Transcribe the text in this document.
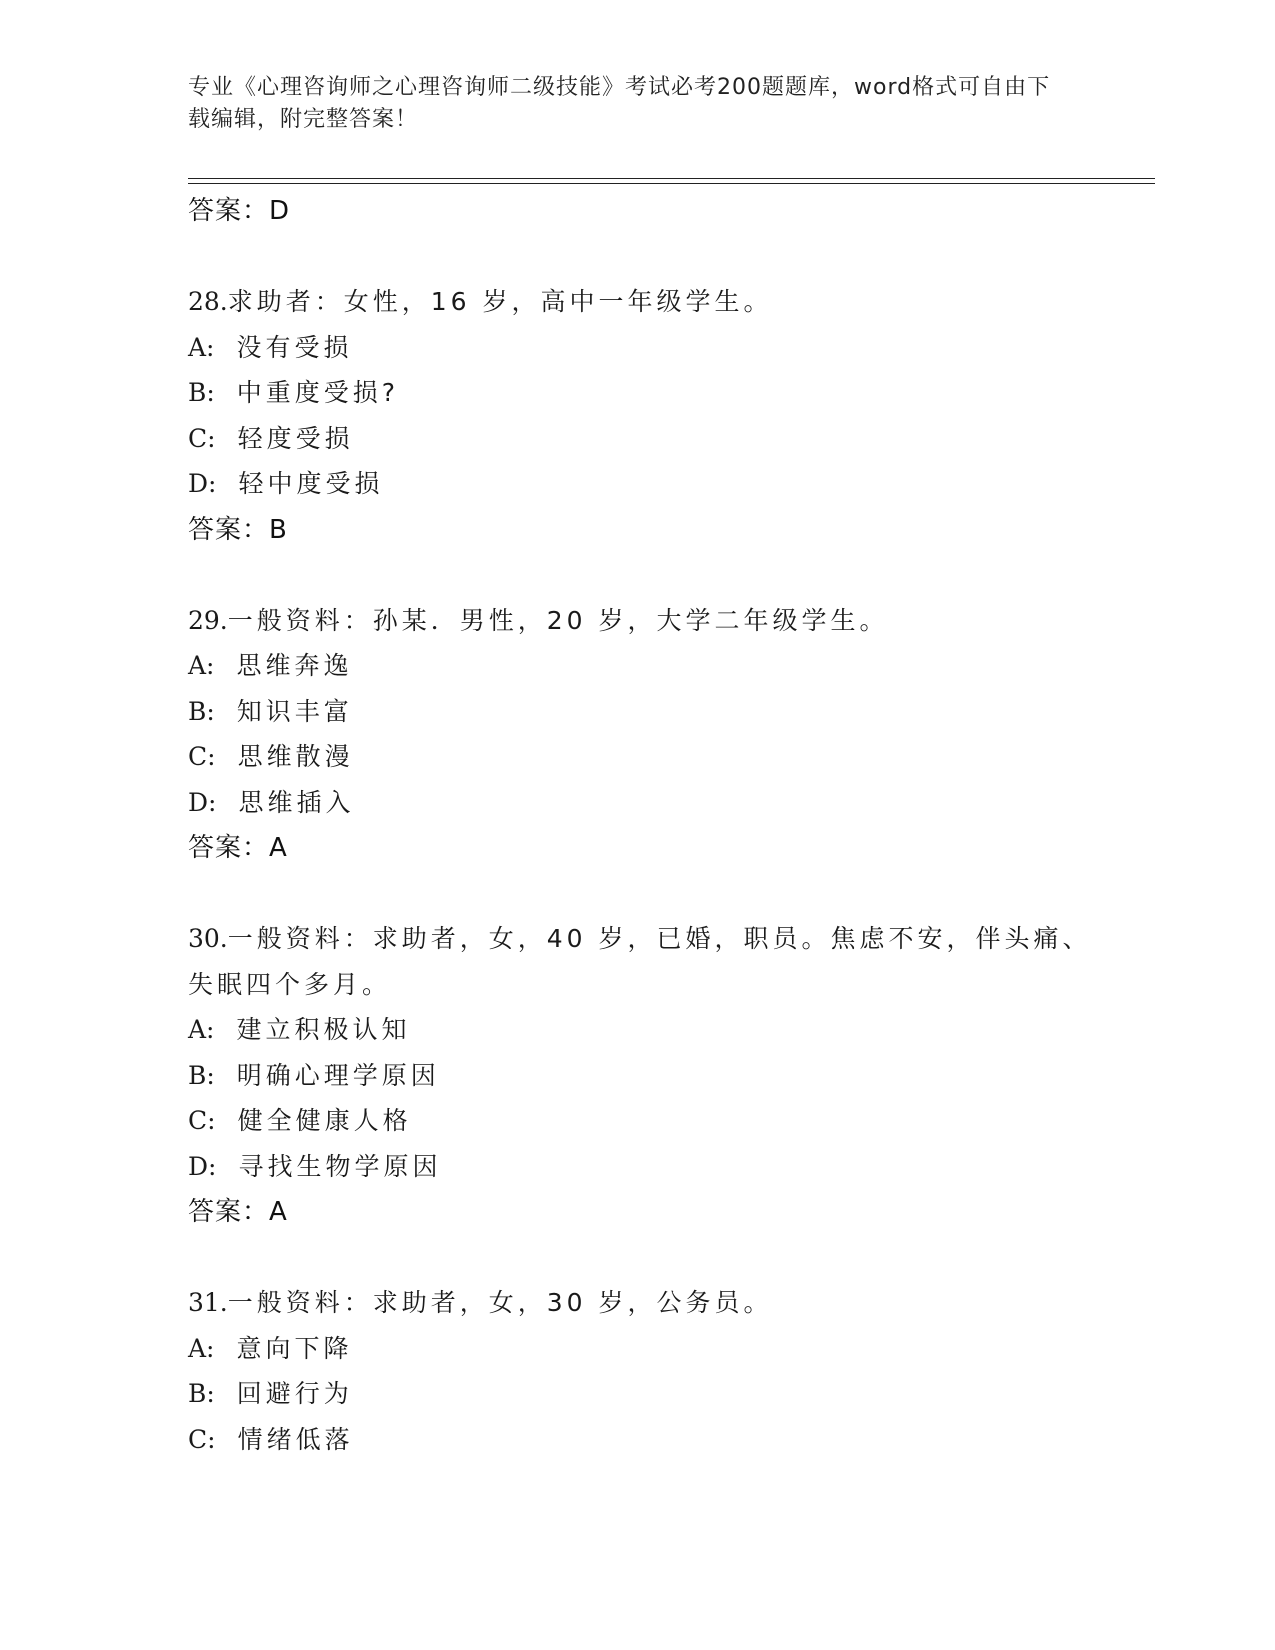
专业《心理咨询师之心理咨询师二级技能》考试必考200题题库，word格式可自由下载编辑，附完整答案！
答案：D
28.求助者：女性，16 岁，高中一年级学生。
A: 没有受损
B: 中重度受损?
C: 轻度受损
D: 轻中度受损
答案：B
29.一般资料：孙某．男性，20 岁，大学二年级学生。
A: 思维奔逸
B: 知识丰富
C: 思维散漫
D: 思维插入
答案：A
30.一般资料：求助者，女，40 岁，已婚，职员。焦虑不安，伴头痛、
失眠四个多月。
A: 建立积极认知
B: 明确心理学原因
C: 健全健康人格
D: 寻找生物学原因
答案：A
31.一般资料：求助者，女，30 岁，公务员。
A: 意向下降
B: 回避行为
C: 情绪低落
